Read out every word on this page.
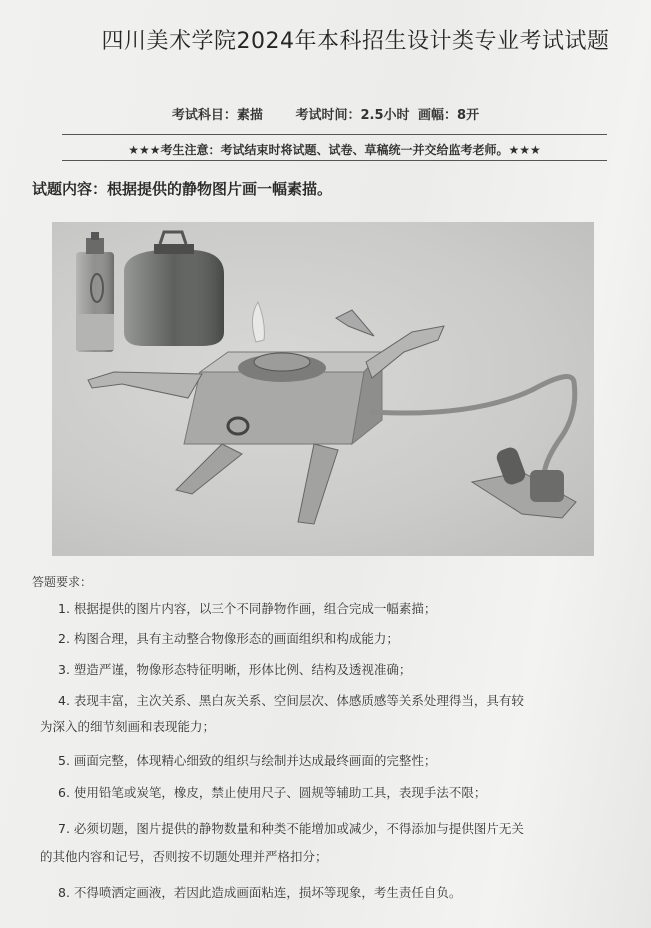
四川美术学院2024年本科招生设计类专业考试试题
考试科目：素描	考试时间：2.5小时 画幅：8开
★★★考生注意：考试结束时将试题、试卷、草稿统一并交给监考老师。★★★
试题内容：根据提供的静物图片画一幅素描。
答题要求：
1. 根据提供的图片内容，以三个不同静物作画，组合完成一幅素描；
2. 构图合理，具有主动整合物像形态的画面组织和构成能力；
3. 塑造严谨，物像形态特征明晰，形体比例、结构及透视准确；
4. 表现丰富，主次关系、黑白灰关系、空间层次、体感质感等关系处理得当，具有较
为深入的细节刻画和表现能力；
5. 画面完整，体现精心细致的组织与绘制并达成最终画面的完整性；
6. 使用铅笔或炭笔，橡皮，禁止使用尺子、圆规等辅助工具，表现手法不限；
7. 必须切题，图片提供的静物数量和种类不能增加或减少，不得添加与提供图片无关
的其他内容和记号，否则按不切题处理并严格扣分；
8. 不得喷洒定画液，若因此造成画面粘连，损坏等现象，考生责任自负。
